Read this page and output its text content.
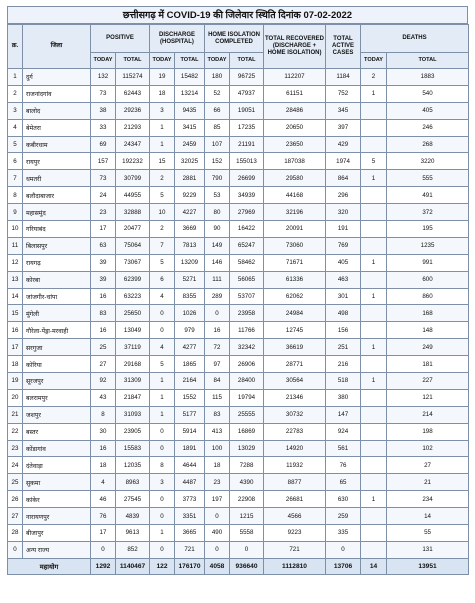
छत्तीसगढ़ में COVID-19 की जिलेवार स्थिति दिनांक 07-02-2022
क्र.	जिला	POSITIVE		DISCHARGE (HOSPITAL)		HOME ISOLATION COMPLETED		TOTAL RECOVERED (DISCHARGE + HOME ISOLATION)	TOTAL ACTIVE CASES	DEATHS	
		TODAY	TOTAL	TODAY	TOTAL	TODAY	TOTAL			TODAY	TOTAL
1	दुर्ग	132	115274	19	15482	180	96725	112207	1184	2	1883
2	राजनांदगांव	73	62443	18	13214	52	47937	61151	752	1	540
3	बालोद	38	29236	3	9435	66	19051	28486	345		405
4	बेमेतरा	33	21293	1	3415	85	17235	20650	397		246
5	कबीरधाम	69	24347	1	2459	107	21191	23650	429		268
6	रायपुर	157	192232	15	32025	152	155013	187038	1974	5	3220
7	धमतरी	73	30799	2	2881	790	26699	29580	864	1	555
8	बलौदाबाजार	24	44955	5	9229	53	34939	44168	296		491
9	महासमुंद	23	32888	10	4227	80	27969	32196	320		372
10	गरियाबंद	17	20477	2	3669	90	16422	20091	191		195
11	बिलासपुर	63	75064	7	7813	149	65247	73060	769		1235
12	रायगढ़	39	73067	5	13209	146	58462	71671	405	1	991
13	कोरबा	39	62399	6	5271	111	56065	61336	463		600
14	जांजगीर-चांपा	16	63223	4	8355	289	53707	62062	301	1	860
15	मुंगेली	83	25650	0	1026	0	23958	24984	498		168
16	गौरेला-पेंड्रा-मरवाही	16	13049	0	979	16	11766	12745	156		148
17	सरगुजा	25	37119	4	4277	72	32342	36619	251	1	249
18	कोरिया	27	29168	5	1865	97	26906	28771	216		181
19	सूरजपुर	92	31309	1	2164	84	28400	30564	518	1	227
20	बलरामपुर	43	21847	1	1552	115	19794	21346	380		121
21	जशपुर	8	31093	1	5177	83	25555	30732	147		214
22	बस्तर	30	23905	0	5914	413	16869	22783	924		198
23	कोंडागांव	16	15583	0	1891	100	13029	14920	561		102
24	दंतेवाड़ा	18	12035	8	4644	18	7288	11932	76		27
25	सुकमा	4	8963	3	4487	23	4390	8877	65		21
26	कांकेर	46	27545	0	3773	197	22908	26681	630	1	234
27	नारायणपुर	76	4839	0	3351	0	1215	4566	259		14
28	बीजापुर	17	9613	1	3665	490	5558	9223	335		55
0	अन्य राज्य	0	852	0	721	0	0	721	0		131
महायोग		1292	1140467	122	176170	4058	936640	1112810	13706	14	13951
